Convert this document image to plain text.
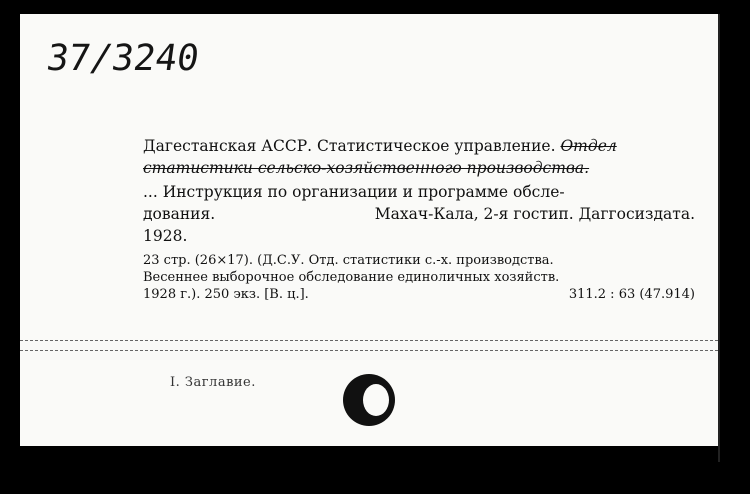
37/3240
Дагестанская АССР. Статистическое управление. Отдел статистики сельско-хозяйственного производства.
... Инструкция по организации и программе обсле-
дования.	Махач-Кала, 2-я гостип. Даггосиздата.
1928.
23 стр. (26×17). (Д.С.У. Отд. статистики с.-х. производства.
Весеннее выборочное обследование единоличных хозяйств.
1928 г.). 250 экз. [В. ц.].	311.2 : 63 (47.914)
I. Заглавие.
